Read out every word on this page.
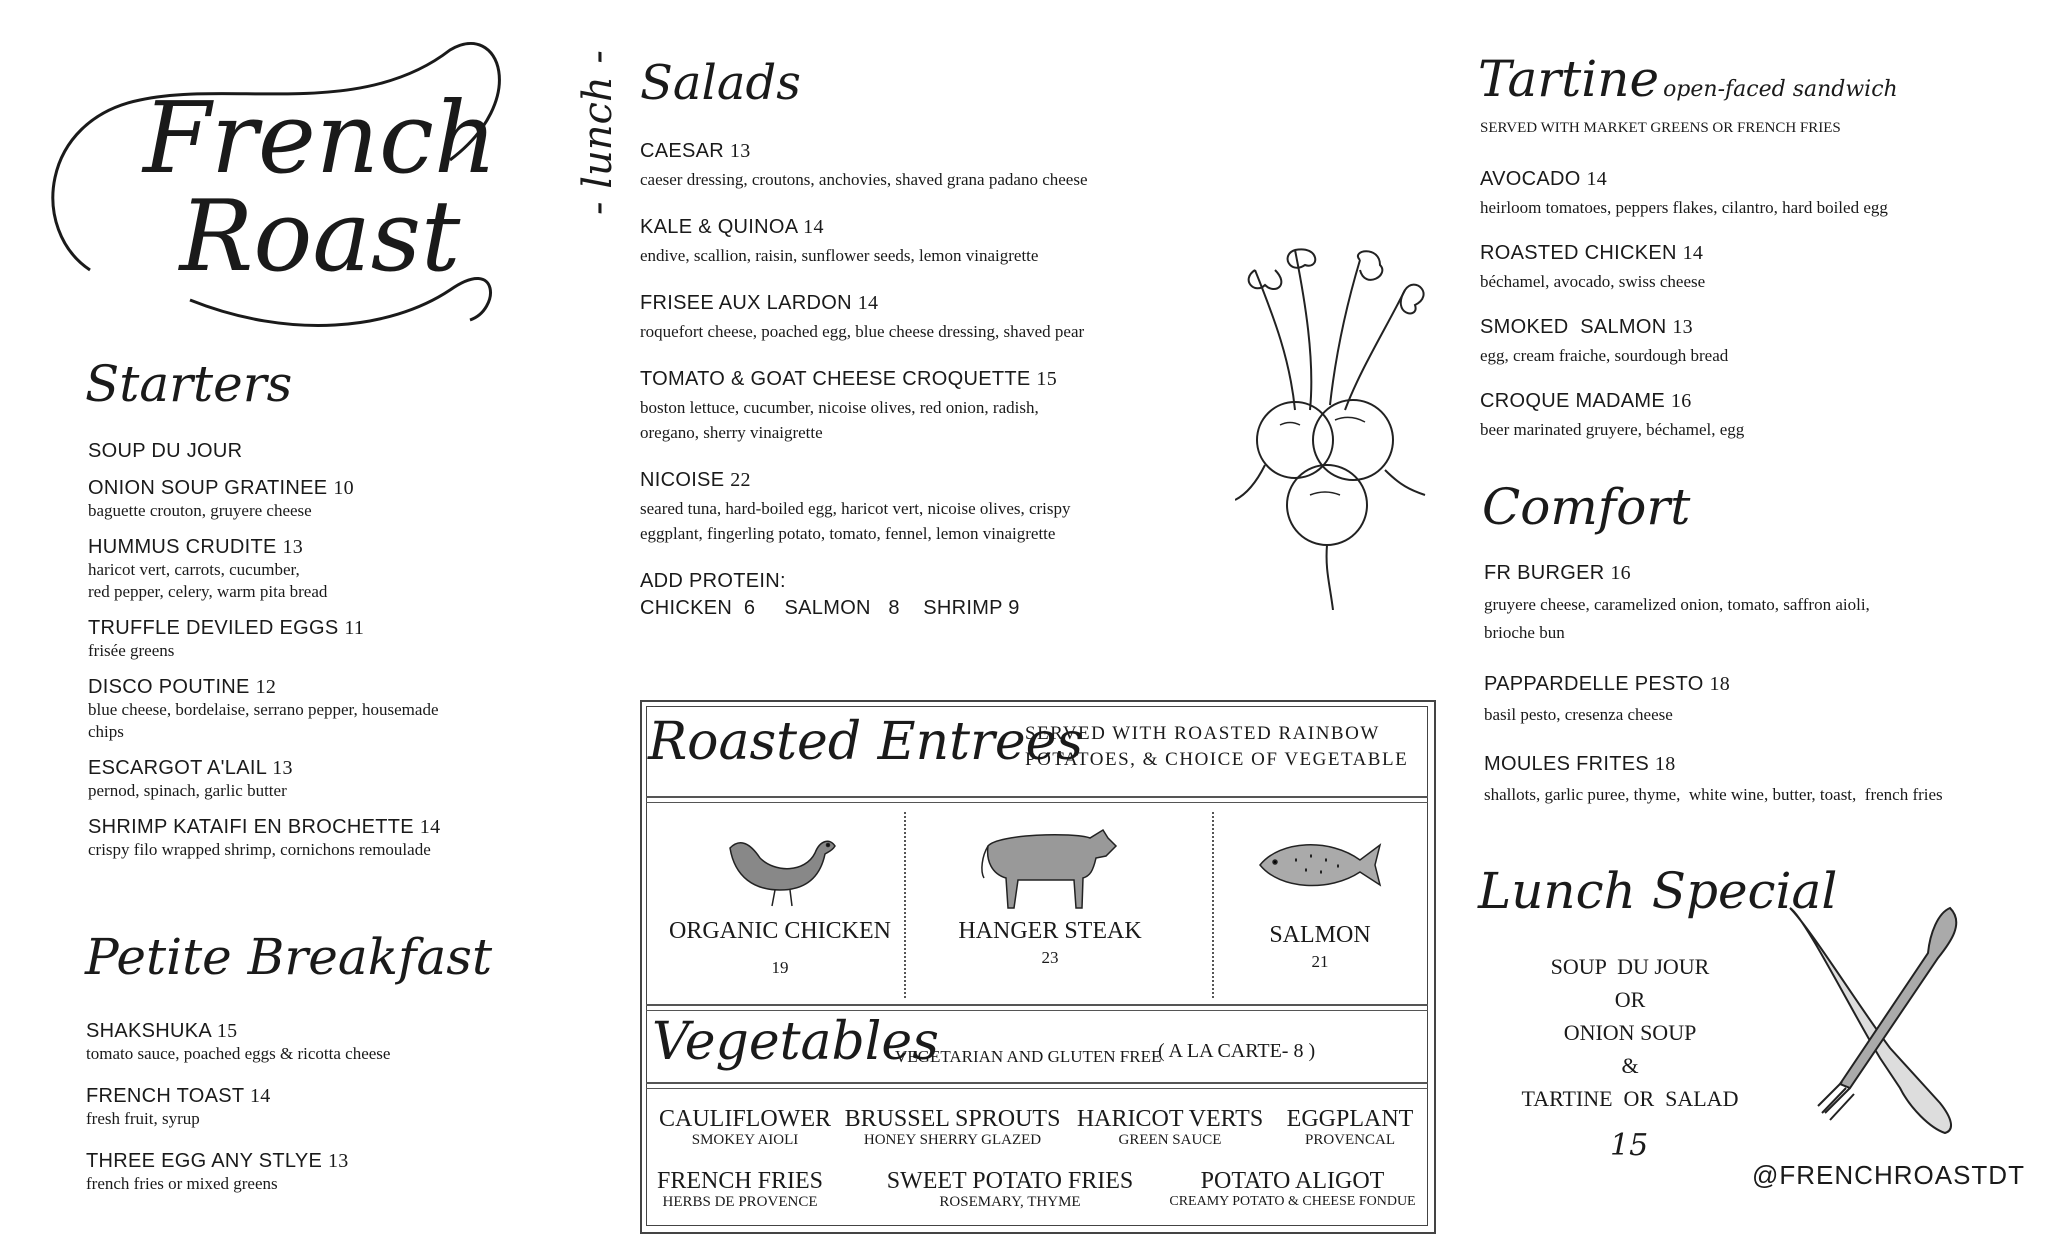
French Roast
- lunch -
Starters
SOUP DU JOUR
ONION SOUP GRATINEE 10
baguette crouton, gruyere cheese
HUMMUS CRUDITE 13
haricot vert, carrots, cucumber,
red pepper, celery, warm pita bread
TRUFFLE DEVILED EGGS 11
frisée greens
DISCO POUTINE 12
blue cheese, bordelaise, serrano pepper, housemade
chips
ESCARGOT A'LAIL 13
pernod, spinach, garlic butter
SHRIMP KATAIFI EN BROCHETTE 14
crispy filo wrapped shrimp, cornichons remoulade
Petite Breakfast
SHAKSHUKA 15
tomato sauce, poached eggs & ricotta cheese
FRENCH TOAST 14
fresh fruit, syrup
THREE EGG ANY STLYE 13
french fries or mixed greens
Salads
CAESAR 13
caeser dressing, croutons, anchovies, shaved grana padano cheese
KALE & QUINOA 14
endive, scallion, raisin, sunflower seeds, lemon vinaigrette
FRISEE AUX LARDON 14
roquefort cheese, poached egg, blue cheese dressing, shaved pear
TOMATO & GOAT CHEESE CROQUETTE 15
boston lettuce, cucumber, nicoise olives, red onion, radish,
oregano, sherry vinaigrette
NICOISE 22
seared tuna, hard-boiled egg, haricot vert, nicoise olives, crispy
eggplant, fingerling potato, tomato, fennel, lemon vinaigrette
ADD PROTEIN:
CHICKEN  6     SALMON   8    SHRIMP 9
Roasted Entrees
SERVED WITH ROASTED RAINBOW
POTATOES, & CHOICE OF VEGETABLE
ORGANIC CHICKEN
19
HANGER STEAK
23
SALMON
21
Vegetables
VEGETARIAN AND GLUTEN FREE
( A LA CARTE- 8 )
CAULIFLOWER
SMOKEY AIOLI
BRUSSEL SPROUTS
HONEY SHERRY GLAZED
HARICOT VERTS
GREEN SAUCE
EGGPLANT
PROVENCAL
FRENCH FRIES
HERBS DE PROVENCE
SWEET POTATO FRIES
ROSEMARY, THYME
POTATO ALIGOT
CREAMY POTATO & CHEESE FONDUE
Tartine open-faced sandwich
SERVED WITH MARKET GREENS OR FRENCH FRIES
AVOCADO 14
heirloom tomatoes, peppers flakes, cilantro, hard boiled egg
ROASTED CHICKEN 14
béchamel, avocado, swiss cheese
SMOKED  SALMON 13
egg, cream fraiche, sourdough bread
CROQUE MADAME 16
beer marinated gruyere, béchamel, egg
Comfort
FR BURGER 16
gruyere cheese, caramelized onion, tomato, saffron aioli,
brioche bun
PAPPARDELLE PESTO 18
basil pesto, cresenza cheese
MOULES FRITES 18
shallots, garlic puree, thyme,  white wine, butter, toast,  french fries
Lunch Special
SOUP  DU JOUR
OR
ONION SOUP
&
TARTINE  OR  SALAD
15
@FRENCHROASTDT
